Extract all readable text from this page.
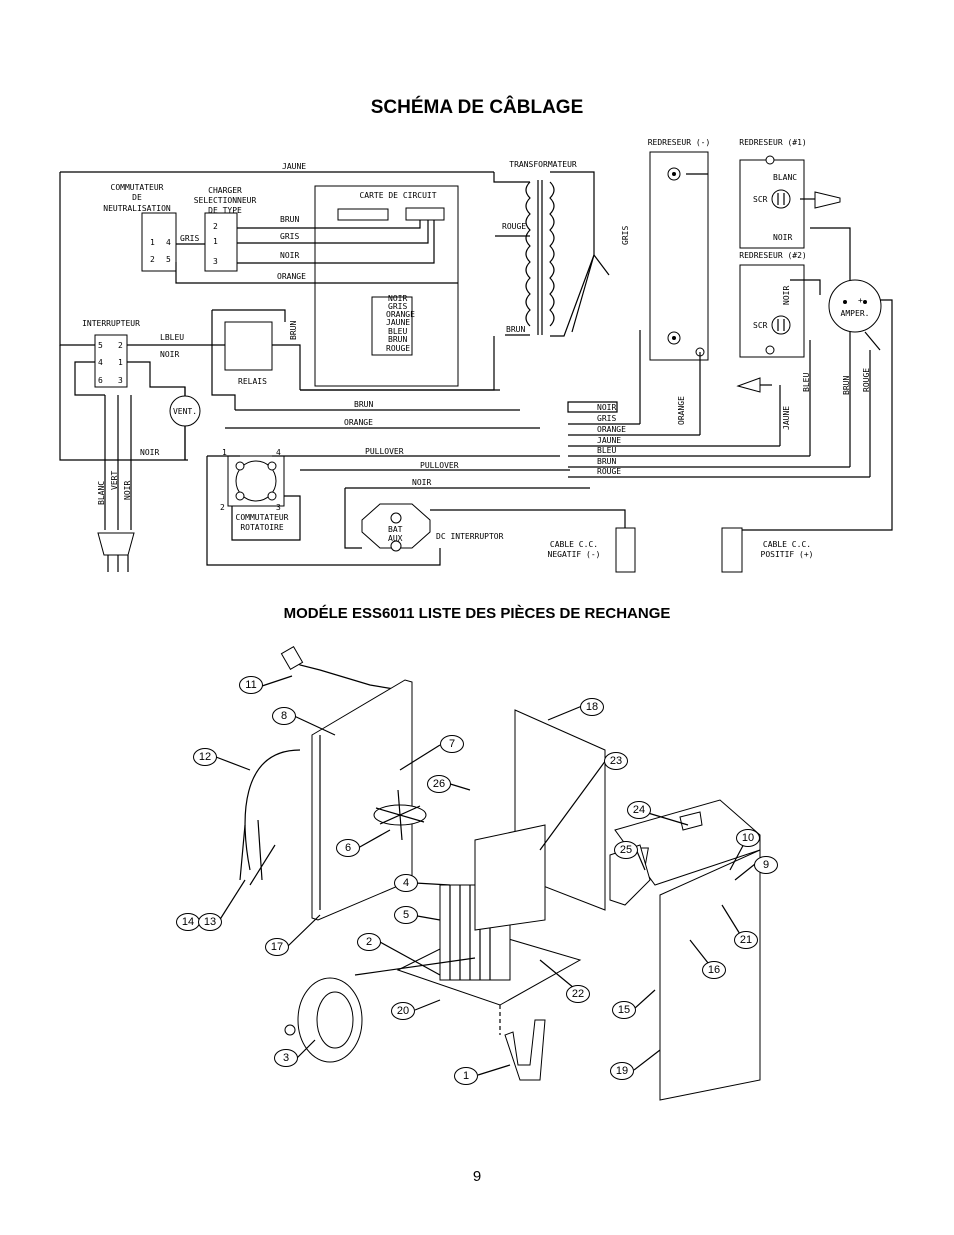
SCHÉMA DE CÂBLAGE
COMMUTATEUR
DE
NEUTRALISATION
1 4
2 5
CHARGER
SELECTIONNEUR
DE TYPE
2
1
3
GRIS
CARTE DE CIRCUIT
NOIR
GRIS
ORANGE
JAUNE
BLEU
BRUN
ROUGE
BRUN
GRIS
NOIR
ORANGE
JAUNE	TRANSFORMATEUR
ROUGE
BRUN
GRIS
REDRESEUR (-)	REDRESEUR (#1)
SCR
BLANC
NOIR
REDRESEUR (#2)
SCR
NOIR
AMPER.
+
BLEU	BRUN ROUGE
JAUNE
ORANGE
NOIR
GRIS
ORANGE
JAUNE
BLEU
BRUN
ROUGE
BRUN
ORANGE
PULLOVER
PULLOVER
NOIR
INTERRUPTEUR
5 2
4 1
6 3
LBLEU
NOIR
VENT.
NOIR
BLANC
VERT
NOIR
RELAIS
BRUN
1	4
2	3
COMMUTATEUR
ROTATOIRE	BAT
AUX	DC INTERRUPTOR
CABLE C.C.
NEGATIF (-)
CABLE C.C.
POSITIF (+)
MODÉLE ESS6011 LISTE DES PIÈCES DE RECHANGE
11
8
7
18
12	23
26
24
6
10
25
9
4
5
14 13
21
2
17
16
22
20	15
3
1	19
9
